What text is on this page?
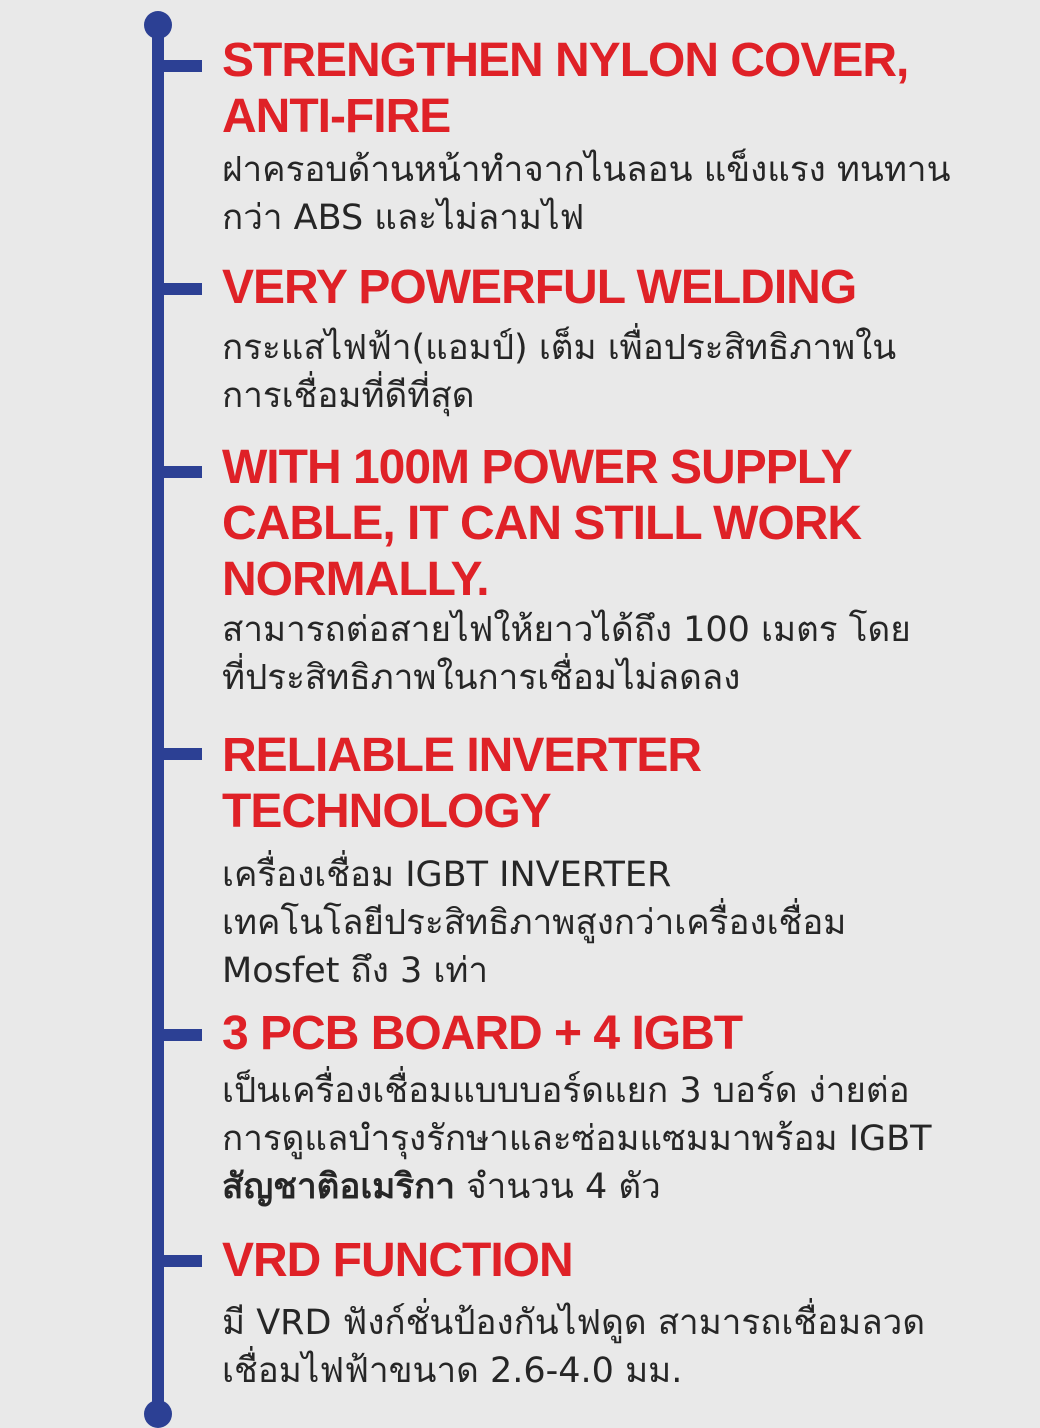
STRENGTHEN NYLON COVER,
ANTI-FIRE
ฝาครอบด้านหน้าทำจากไนลอน แข็งแรง ทนทาน
กว่า ABS และไม่ลามไฟ
VERY POWERFUL WELDING
กระแสไฟฟ้า(แอมป์) เต็ม เพื่อประสิทธิภาพใน
การเชื่อมที่ดีที่สุด
WITH 100M POWER SUPPLY
CABLE, IT CAN STILL WORK
NORMALLY.
สามารถต่อสายไฟให้ยาวได้ถึง 100 เมตร โดย
ที่ประสิทธิภาพในการเชื่อมไม่ลดลง
RELIABLE INVERTER
TECHNOLOGY
เครื่องเชื่อม IGBT INVERTER
เทคโนโลยีประสิทธิภาพสูงกว่าเครื่องเชื่อม
Mosfet ถึง 3 เท่า
3 PCB BOARD + 4 IGBT
เป็นเครื่องเชื่อมแบบบอร์ดแยก 3 บอร์ด ง่ายต่อ
การดูแลบำรุงรักษาและซ่อมแซมมาพร้อม IGBT
สัญชาติอเมริกา จำนวน 4 ตัว
VRD FUNCTION
มี VRD ฟังก์ชั่นป้องกันไฟดูด สามารถเชื่อมลวด
เชื่อมไฟฟ้าขนาด 2.6-4.0 มม.
